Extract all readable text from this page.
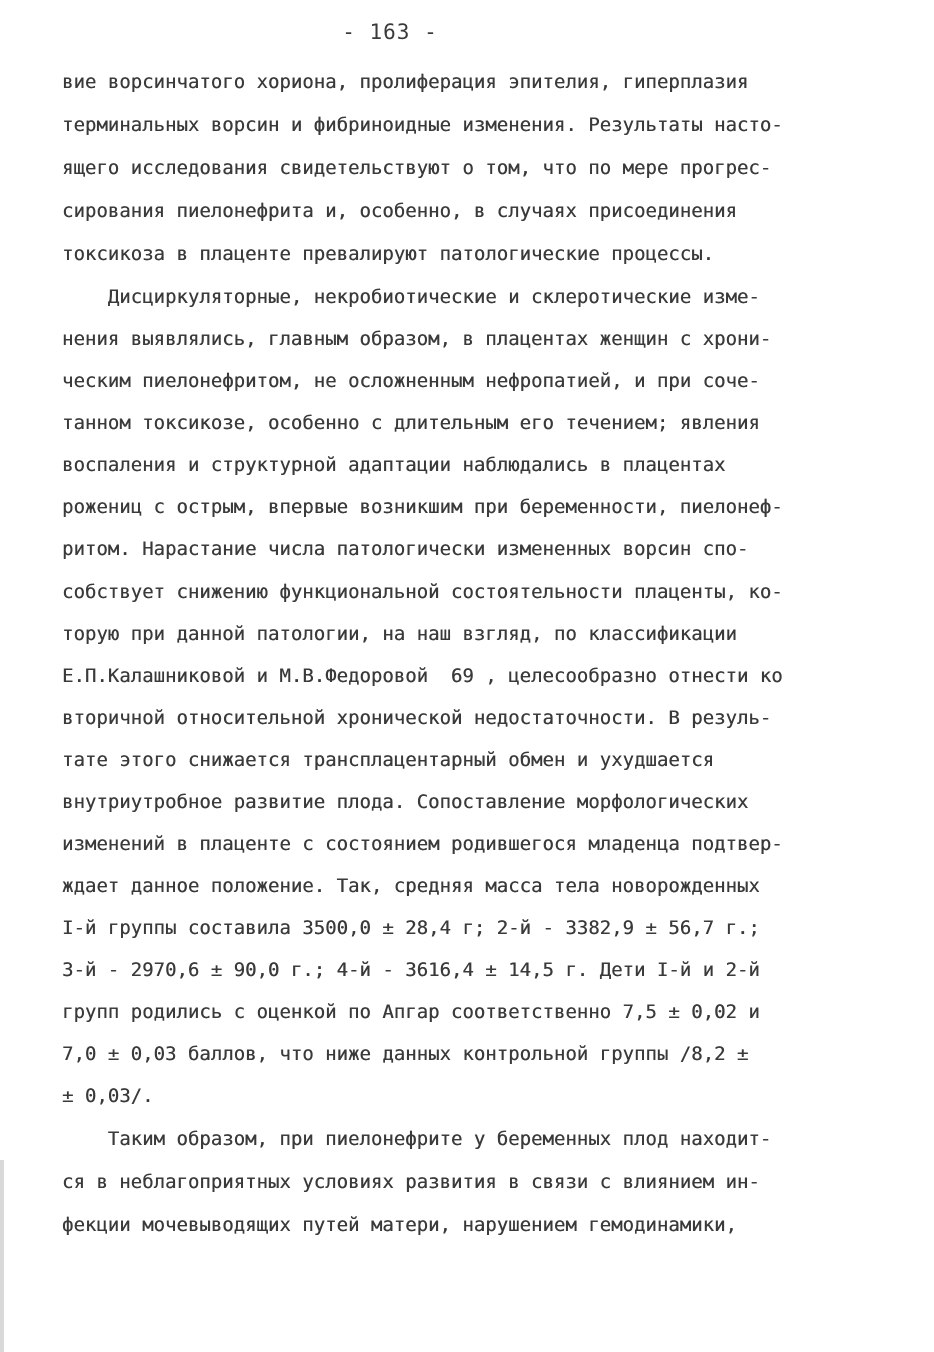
- 163 -
вие ворсинчатого хориона, пролиферация эпителия, гиперплазия
терминальных ворсин и фибриноидные изменения. Результаты насто-
ящего исследования свидетельствуют о том, что по мере прогрес-
сирования пиелонефрита и, особенно, в случаях присоединения
токсикоза в плаценте превалируют патологические процессы.
Дисциркуляторные, некробиотические и склеротические изме-
нения выявлялись, главным образом, в плацентах женщин с хрони-
ческим пиелонефритом, не осложненным нефропатией, и при соче-
танном токсикозе, особенно с длительным его течением; явления
воспаления и структурной адаптации наблюдались в плацентах
рожениц с острым, впервые возникшим при беременности, пиелонеф-
ритом. Нарастание числа патологически измененных ворсин спо-
собствует снижению функциональной состоятельности плаценты, ко-
торую при данной патологии, на наш взгляд, по классификации
Е.П.Калашниковой и М.В.Федоровой  69 , целесообразно отнести ко
вторичной относительной хронической недостаточности. В резуль-
тате этого снижается трансплацентарный обмен и ухудшается
внутриутробное развитие плода. Сопоставление морфологических
изменений в плаценте с состоянием родившегося младенца подтвер-
ждает данное положение. Так, средняя масса тела новорожденных
I-й группы составила 3500,0 ± 28,4 г; 2-й - 3382,9 ± 56,7 г.;
3-й - 2970,6 ± 90,0 г.; 4-й - 3616,4 ± 14,5 г. Дети I-й и 2-й
групп родились с оценкой по Апгар соответственно 7,5 ± 0,02 и
7,0 ± 0,03 баллов, что ниже данных контрольной группы /8,2 ±
± 0,03/.
Таким образом, при пиелонефрите у беременных плод находит-
ся в неблагоприятных условиях развития в связи с влиянием ин-
фекции мочевыводящих путей матери, нарушением гемодинамики,
